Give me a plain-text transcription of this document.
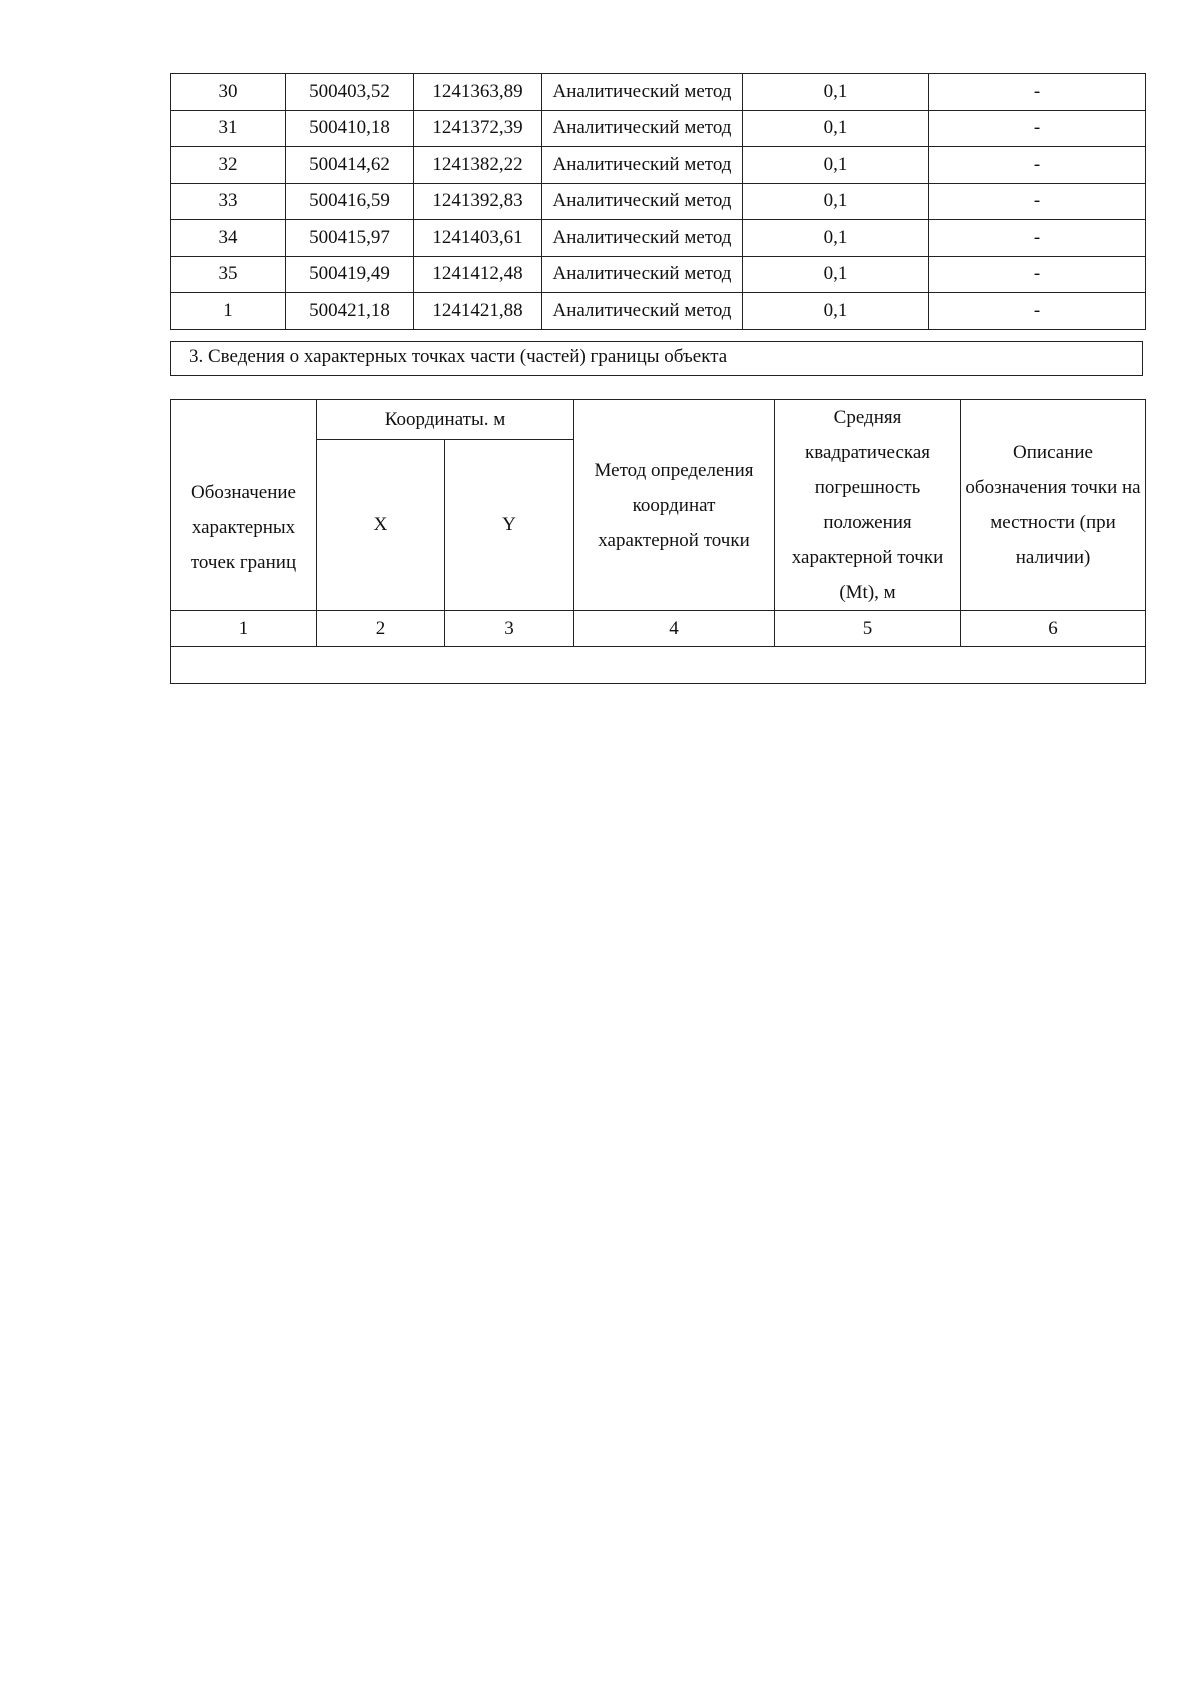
30	500403,52	1241363,89	Аналитический метод	0,1	-
31	500410,18	1241372,39	Аналитический метод	0,1	-
32	500414,62	1241382,22	Аналитический метод	0,1	-
33	500416,59	1241392,83	Аналитический метод	0,1	-
34	500415,97	1241403,61	Аналитический метод	0,1	-
35	500419,49	1241412,48	Аналитический метод	0,1	-
1	500421,18	1241421,88	Аналитический метод	0,1	-
3. Сведения о характерных точках части (частей) границы объекта
Обозначение характерных точек границ	Координаты. м		Метод определения координат характерной точки	Средняя квадратическая погрешность положения характерной точки (Mt), м	Описание обозначения точки на местности (при наличии)
	X	Y			
1	2	3	4	5	6
